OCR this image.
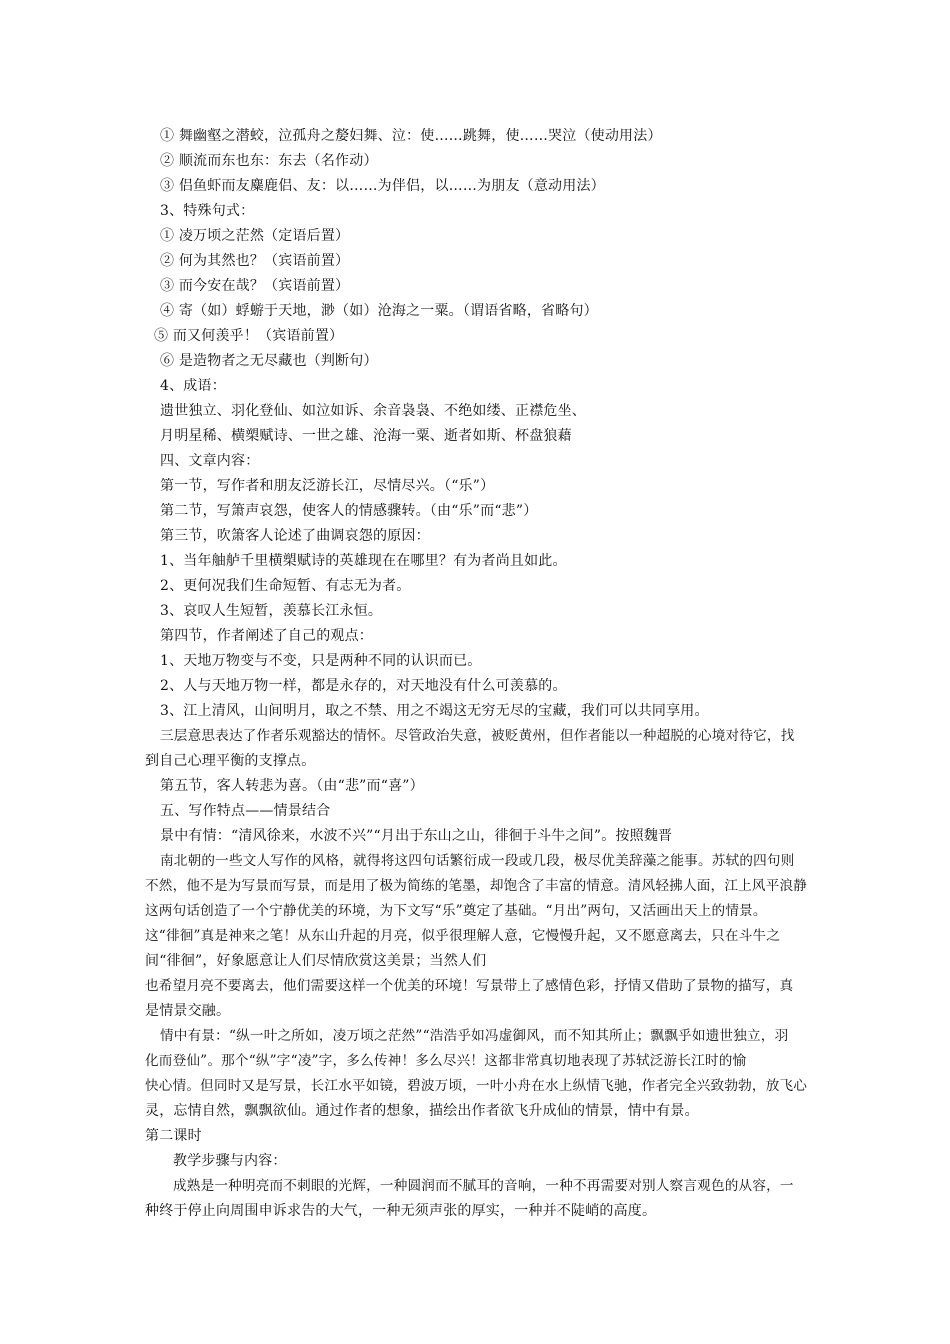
① 舞幽壑之潜蛟，泣孤舟之嫠妇舞、泣：使……跳舞，使……哭泣（使动用法）
② 顺流而东也东：东去（名作动）
③ 侣鱼虾而友麋鹿侣、友：以……为伴侣，以……为朋友（意动用法）
3、特殊句式：
① 凌万顷之茫然（定语后置）
② 何为其然也？（宾语前置）
③ 而今安在哉？（宾语前置）
④ 寄（如）蜉蝣于天地，渺（如）沧海之一粟。（谓语省略，省略句）
⑤ 而又何羡乎！（宾语前置）
⑥ 是造物者之无尽藏也（判断句）
4、成语：
遗世独立、羽化登仙、如泣如诉、余音袅袅、不绝如缕、正襟危坐、
月明星稀、横槊赋诗、一世之雄、沧海一粟、逝者如斯、杯盘狼藉
四、文章内容：
第一节，写作者和朋友泛游长江，尽情尽兴。（“乐”）
第二节，写箫声哀怨，使客人的情感骤转。（由“乐”而“悲”）
第三节，吹箫客人论述了曲调哀怨的原因：
1、当年舳舻千里横槊赋诗的英雄现在在哪里？有为者尚且如此。
2、更何况我们生命短暂、有志无为者。
3、哀叹人生短暂，羡慕长江永恒。
第四节，作者阐述了自己的观点：
1、天地万物变与不变，只是两种不同的认识而已。
2、人与天地万物一样，都是永存的，对天地没有什么可羡慕的。
3、江上清风，山间明月，取之不禁、用之不竭这无穷无尽的宝藏，我们可以共同享用。
三层意思表达了作者乐观豁达的情怀。尽管政治失意，被贬黄州，但作者能以一种超脱的心境对待它，找
到自己心理平衡的支撑点。
第五节，客人转悲为喜。（由“悲”而“喜”）
五、写作特点——情景结合
景中有情：“清风徐来，水波不兴”“月出于东山之山，徘徊于斗牛之间”。按照魏晋
南北朝的一些文人写作的风格，就得将这四句话繁衍成一段或几段，极尽优美辞藻之能事。苏轼的四句则
不然，他不是为写景而写景，而是用了极为简练的笔墨，却饱含了丰富的情意。清风轻拂人面，江上风平浪静
这两句话创造了一个宁静优美的环境，为下文写“乐”奠定了基础。“月出”两句，又活画出天上的情景。
这“徘徊”真是神来之笔！从东山升起的月亮，似乎很理解人意，它慢慢升起，又不愿意离去，只在斗牛之
间“徘徊”，好象愿意让人们尽情欣赏这美景；当然人们
也希望月亮不要离去，他们需要这样一个优美的环境！写景带上了感情色彩，抒情又借助了景物的描写，真
是情景交融。
情中有景：“纵一叶之所如，凌万顷之茫然”“浩浩乎如冯虚御风，而不知其所止；飘飘乎如遗世独立，羽
化而登仙”。那个“纵”字“凌”字，多么传神！多么尽兴！这都非常真切地表现了苏轼泛游长江时的愉
快心情。但同时又是写景，长江水平如镜，碧波万顷，一叶小舟在水上纵情飞驰，作者完全兴致勃勃，放飞心
灵，忘情自然，飘飘欲仙。通过作者的想象，描绘出作者欲飞升成仙的情景，情中有景。
第二课时
教学步骤与内容：
成熟是一种明亮而不刺眼的光辉，一种圆润而不腻耳的音响，一种不再需要对别人察言观色的从容，一
种终于停止向周围申诉求告的大气，一种无须声张的厚实，一种并不陡峭的高度。
